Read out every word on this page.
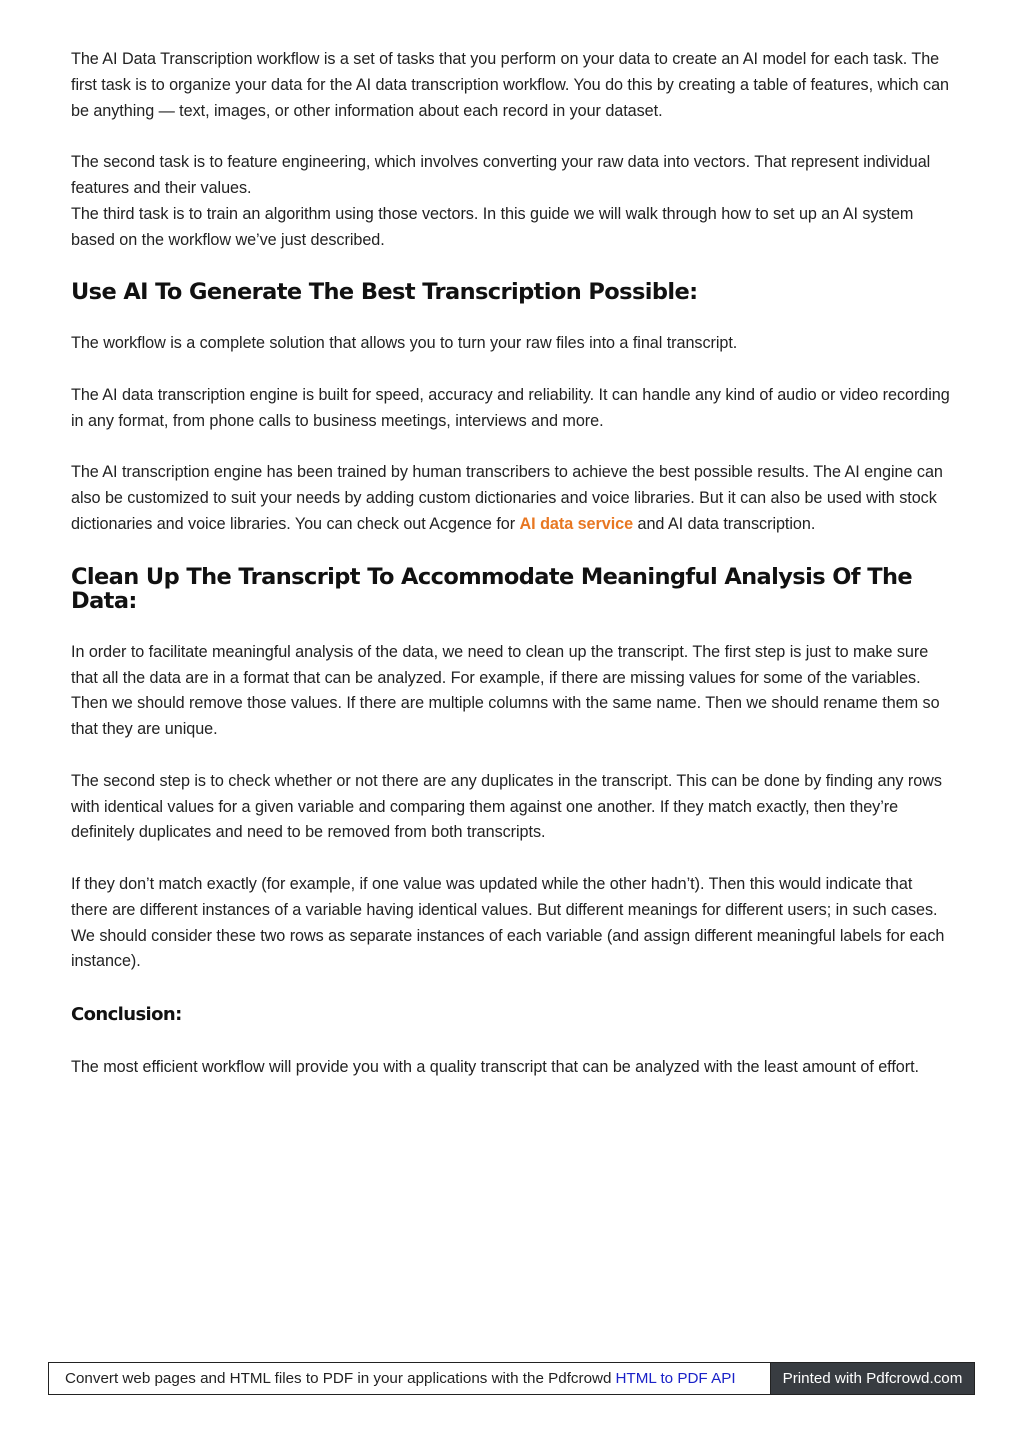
The AI Data Transcription workflow is a set of tasks that you perform on your data to create an AI model for each task. The first task is to organize your data for the AI data transcription workflow. You do this by creating a table of features, which can be anything — text, images, or other information about each record in your dataset.

The second task is to feature engineering, which involves converting your raw data into vectors. That represent individual features and their values.

The third task is to train an algorithm using those vectors. In this guide we will walk through how to set up an AI system based on the workflow we’ve just described.

Use AI To Generate The Best Transcription Possible:

The workflow is a complete solution that allows you to turn your raw files into a final transcript.

The AI data transcription engine is built for speed, accuracy and reliability. It can handle any kind of audio or video recording in any format, from phone calls to business meetings, interviews and more.

The AI transcription engine has been trained by human transcribers to achieve the best possible results. The AI engine can also be customized to suit your needs by adding custom dictionaries and voice libraries. But it can also be used with stock dictionaries and voice libraries. You can check out Acgence for AI data service and AI data transcription.

Clean Up The Transcript To Accommodate Meaningful Analysis Of The Data:

In order to facilitate meaningful analysis of the data, we need to clean up the transcript. The first step is just to make sure that all the data are in a format that can be analyzed. For example, if there are missing values for some of the variables. Then we should remove those values. If there are multiple columns with the same name. Then we should rename them so that they are unique.

The second step is to check whether or not there are any duplicates in the transcript. This can be done by finding any rows with identical values for a given variable and comparing them against one another. If they match exactly, then they’re definitely duplicates and need to be removed from both transcripts.

If they don’t match exactly (for example, if one value was updated while the other hadn’t). Then this would indicate that there are different instances of a variable having identical values. But different meanings for different users; in such cases. We should consider these two rows as separate instances of each variable (and assign different meaningful labels for each instance).

Conclusion:

The most efficient workflow will provide you with a quality transcript that can be analyzed with the least amount of effort.

Convert web pages and HTML files to PDF in your applications with the Pdfcrowd HTML to PDF API	Printed with Pdfcrowd.com
